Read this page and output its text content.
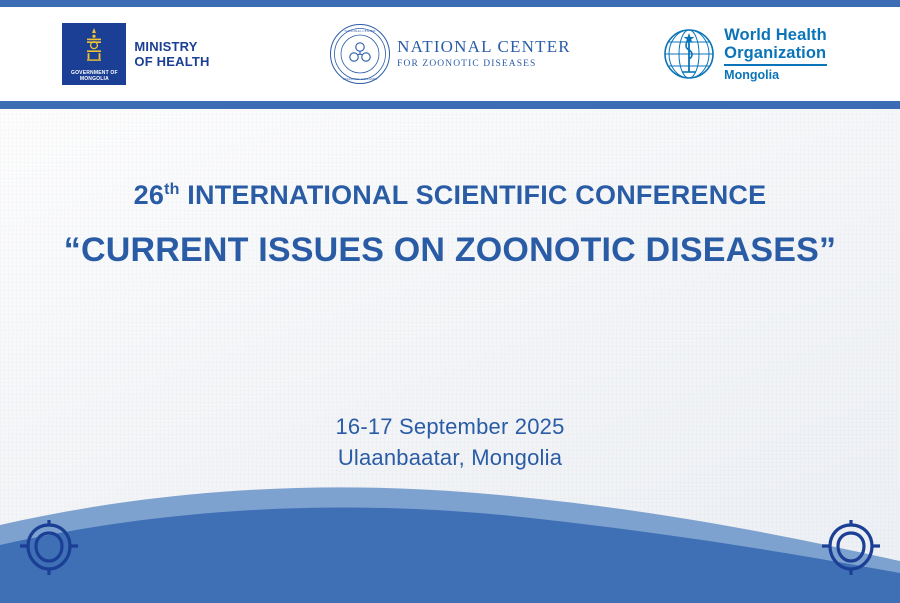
GOVERNMENT OF
MONGOLIA
MINISTRY
OF HEALTH
NATIONAL CENTER
ZOONOTIC DISEASES
NATIONAL CENTER
FOR ZOONOTIC DISEASES
World Health
Organization
Mongolia
26th INTERNATIONAL SCIENTIFIC CONFERENCE
“CURRENT ISSUES ON ZOONOTIC DISEASES”
16-17 September 2025
Ulaanbaatar, Mongolia
